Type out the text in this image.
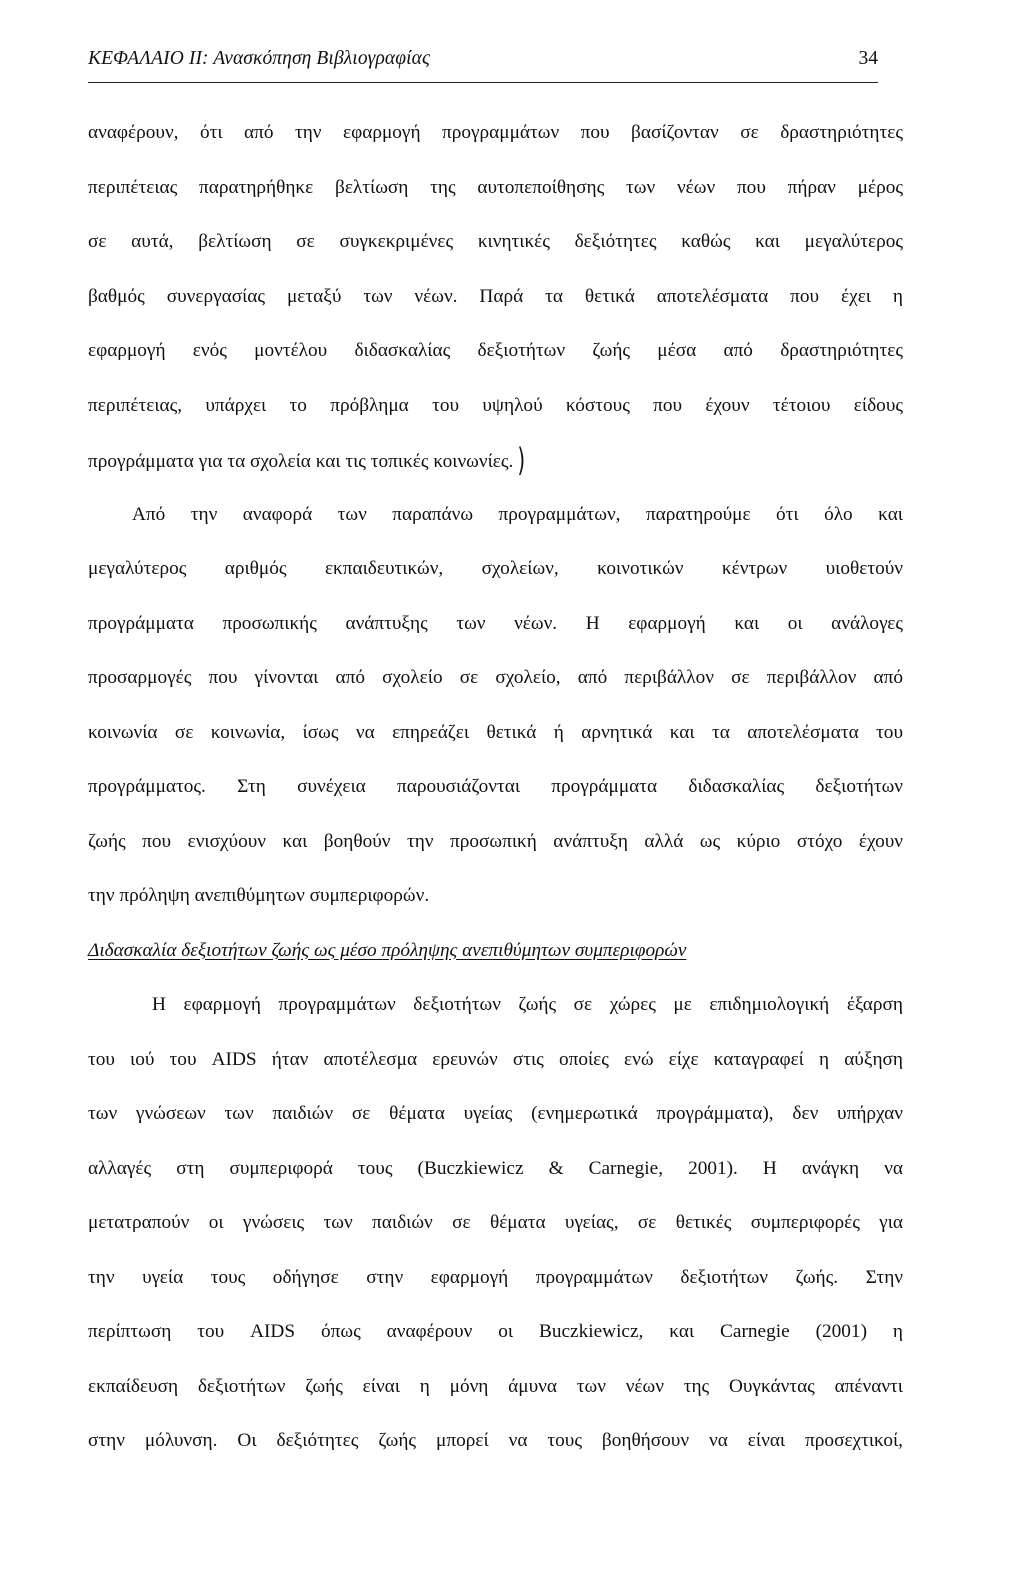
ΚΕΦΑΛΑΙΟ ΙΙ: Ανασκόπηση Βιβλιογραφίας	34
αναφέρουν, ότι από την εφαρμογή προγραμμάτων που βασίζονταν σε δραστηριότητες
περιπέτειας παρατηρήθηκε βελτίωση της αυτοπεποίθησης των νέων που πήραν μέρος
σε αυτά, βελτίωση σε συγκεκριμένες κινητικές δεξιότητες καθώς και μεγαλύτερος
βαθμός συνεργασίας μεταξύ των νέων. Παρά τα θετικά αποτελέσματα που έχει η
εφαρμογή ενός μοντέλου διδασκαλίας δεξιοτήτων ζωής μέσα από δραστηριότητες
περιπέτειας, υπάρχει το πρόβλημα του υψηλού κόστους που έχουν τέτοιου είδους
προγράμματα για τα σχολεία και τις τοπικές κοινωνίες. )
Από την αναφορά των παραπάνω προγραμμάτων, παρατηρούμε ότι όλο και
μεγαλύτερος αριθμός εκπαιδευτικών, σχολείων, κοινοτικών κέντρων υιοθετούν
προγράμματα προσωπικής ανάπτυξης των νέων. Η εφαρμογή και οι ανάλογες
προσαρμογές που γίνονται από σχολείο σε σχολείο, από περιβάλλον σε περιβάλλον από
κοινωνία σε κοινωνία, ίσως να επηρεάζει θετικά ή αρνητικά και τα αποτελέσματα του
προγράμματος. Στη συνέχεια παρουσιάζονται προγράμματα διδασκαλίας δεξιοτήτων
ζωής που ενισχύουν και βοηθούν την προσωπική ανάπτυξη αλλά ως κύριο στόχο έχουν
την πρόληψη ανεπιθύμητων συμπεριφορών.
Διδασκαλία δεξιοτήτων ζωής ως μέσο πρόληψης ανεπιθύμητων συμπεριφορών
Η εφαρμογή προγραμμάτων δεξιοτήτων ζωής σε χώρες με επιδημιολογική έξαρση
του ιού του AIDS ήταν αποτέλεσμα ερευνών στις οποίες ενώ είχε καταγραφεί η αύξηση
των γνώσεων των παιδιών σε θέματα υγείας (ενημερωτικά προγράμματα), δεν υπήρχαν
αλλαγές στη συμπεριφορά τους (Buczkiewicz & Carnegie, 2001). Η ανάγκη να
μετατραπούν οι γνώσεις των παιδιών σε θέματα υγείας, σε θετικές συμπεριφορές για
την υγεία τους οδήγησε στην εφαρμογή προγραμμάτων δεξιοτήτων ζωής. Στην
περίπτωση του AIDS όπως αναφέρουν οι Buczkiewicz, και Carnegie (2001) η
εκπαίδευση δεξιοτήτων ζωής είναι η μόνη άμυνα των νέων της Ουγκάντας απέναντι
στην μόλυνση. Οι δεξιότητες ζωής μπορεί να τους βοηθήσουν να είναι προσεχτικοί,
